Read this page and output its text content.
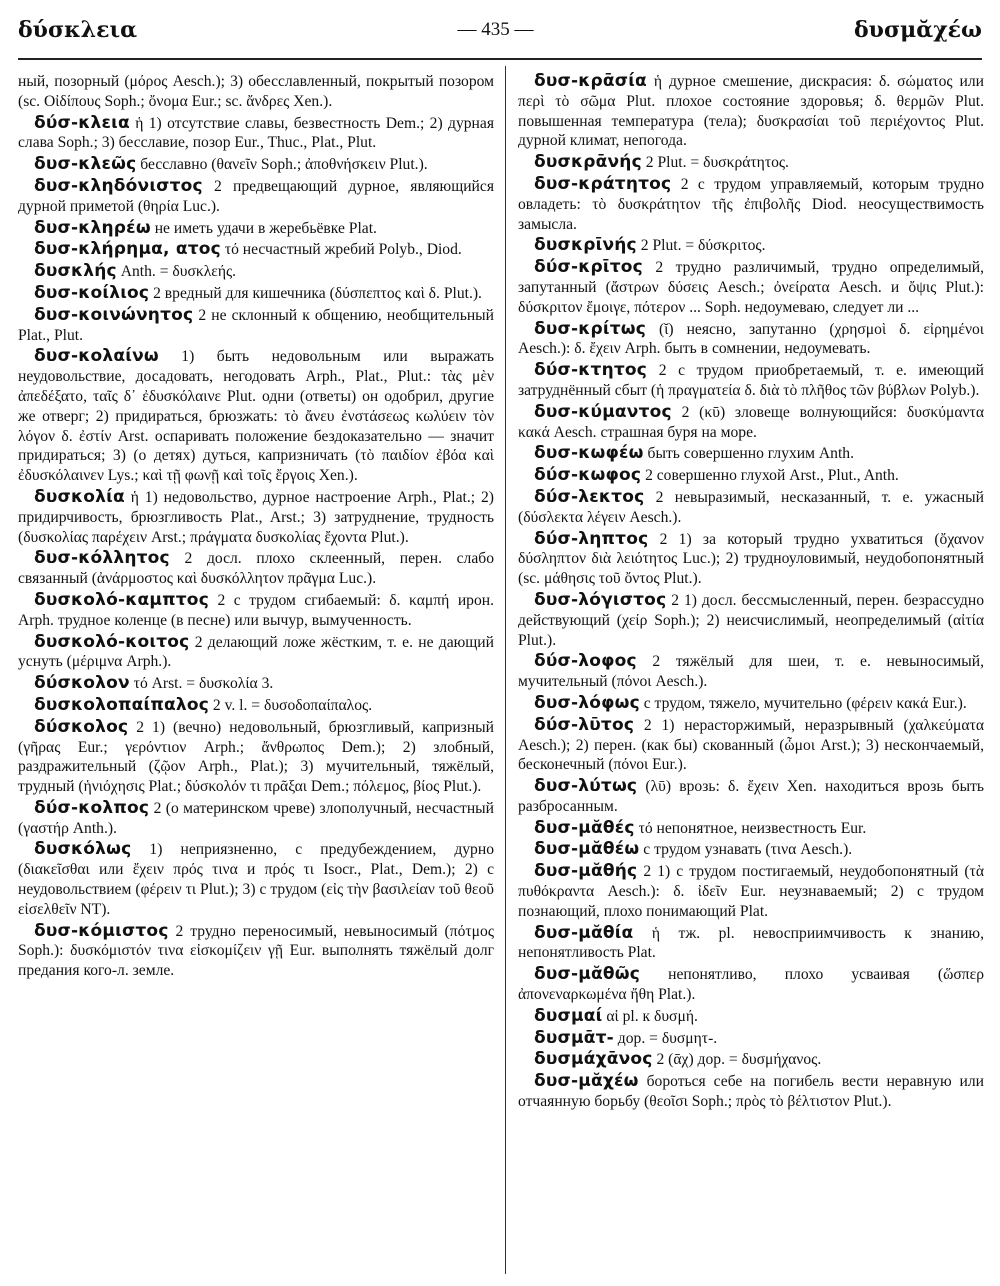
δύσκλεια	— 435 —	δυσμᾰχέω

ный, позорный (μόρος Aesch.); 3) обесславленный, покрытый позором (sc. Οἰδίπους Soph.; ὄνομα Eur.; sc. ἄνδρες Xen.).

δύσ-κλεια ἡ 1) отсутствие славы, безвестность Dem.; 2) дурная слава Soph.; 3) бесславие, позор Eur., Thuc., Plat., Plut.

δυσ-κλεῶς бесславно (θανεῖν Soph.; ἀποθνήσκειν Plut.).

δυσ-κληδόνιστος 2 предвещающий дурное, являющийся дурной приметой (θηρία Luc.).

δυσ-κληρέω не иметь удачи в жеребьёвке Plat.

δυσ-κλήρημα, ατος τό несчастный жребий Polyb., Diod.

δυσκλής Anth. = δυσκλεής.

δυσ-κοίλιος 2 вредный для кишечника (δύσπεπτος καὶ δ. Plut.).

δυσ-κοινώνητος 2 не склонный к общению, необщительный Plat., Plut.

δυσ-κολαίνω 1) быть недовольным или выражать неудовольствие, досадовать, негодовать Arph., Plat., Plut.: τὰς μὲν ἀπεδέξατο, ταῖς δ᾽ ἐδυσκόλαινε Plut. одни (ответы) он одобрил, другие же отверг; 2) придираться, брюзжать: τὸ ἄνευ ἐνστάσεως κωλύειν τὸν λόγον δ. ἐστίν Arst. оспаривать положение бездоказательно — значит придираться; 3) (о детях) дуться, капризничать (τὸ παιδίον ἐβόα καὶ ἐδυσκόλαινεν Lys.; καὶ τῇ φωνῇ καὶ τοῖς ἔργοις Xen.).

δυσκολία ἡ 1) недовольство, дурное настроение Arph., Plat.; 2) придирчивость, брюзгливость Plat., Arst.; 3) затруднение, трудность (δυσκολίας παρέχειν Arst.; πράγματα δυσκολίας ἔχοντα Plut.).

δυσ-κόλλητος 2 досл. плохо склеенный, перен. слабо связанный (ἀνάρμοστος καὶ δυσκόλλητον πρᾶγμα Luc.).

δυσκολό-καμπτος 2 с трудом сгибаемый: δ. καμπή ирон. Arph. трудное коленце (в песне) или вычур, вымученность.

δυσκολό-κοιτος 2 делающий ложе жёстким, т. е. не дающий уснуть (μέριμνα Arph.).

δύσκολον τό Arst. = δυσκολία 3.

δυσκολοπαίπαλος 2 v. l. = δυσοδοπαίπαλος.

δύσκολος 2 1) (вечно) недовольный, брюзгливый, капризный (γῆρας Eur.; γερόντιον Arph.; ἄνθρωπος Dem.); 2) злобный, раздражительный (ζῷον Arph., Plat.); 3) мучительный, тяжёлый, трудный (ἡνιόχησις Plat.; δύσκολόν τι πρᾶξαι Dem.; πόλεμος, βίος Plut.).

δύσ-κολπος 2 (о материнском чреве) злополучный, несчастный (γαστήρ Anth.).

δυσκόλως 1) неприязненно, с предубеждением, дурно (διακεῖσθαι или ἔχειν πρός τινα и πρός τι Isocr., Plat., Dem.); 2) с неудовольствием (φέρειν τι Plut.); 3) с трудом (εἰς τὴν βασιλείαν τοῦ θεοῦ εἰσελθεῖν NT).

δυσ-κόμιστος 2 трудно переносимый, невыносимый (πότμος Soph.): δυσκόμιστόν τινα εἰσκομίζειν γῇ Eur. выполнять тяжёлый долг предания кого-л. земле.

δυσ-κρᾱσία ἡ дурное смешение, дискрасия: δ. σώματος или περὶ τὸ σῶμα Plut. плохое состояние здоровья; δ. θερμῶν Plut. повышенная температура (тела); δυσκρασίαι τοῦ περιέχοντος Plut. дурной климат, непогода.

δυσκρᾱνής 2 Plut. = δυσκράτητος.

δυσ-κράτητος 2 с трудом управляемый, которым трудно овладеть: τὸ δυσκράτητον τῆς ἐπιβολῆς Diod. неосуществимость замысла.

δυσκρῑνής 2 Plut. = δύσκριτος.

δύσ-κρῑτος 2 трудно различимый, трудно определимый, запутанный (ἄστρων δύσεις Aesch.; ὀνείρατα Aesch. и ὄψις Plut.): δύσκριτον ἔμοιγε, πότερον ... Soph. недоумеваю, следует ли ...

δυσ-κρίτως (ῐ) неясно, запутанно (χρησμοὶ δ. εἰρημένοι Aesch.): δ. ἔχειν Arph. быть в сомнении, недоумевать.

δύσ-κτητος 2 с трудом приобретаемый, т. е. имеющий затруднённый сбыт (ἡ πραγματεία δ. διὰ τὸ πλῆθος τῶν βύβλων Polyb.).

δυσ-κύμαντος 2 (κῡ) зловеще волнующийся: δυσκύμαντα κακά Aesch. страшная буря на море.

δυσ-κωφέω быть совершенно глухим Anth.

δύσ-κωφος 2 совершенно глухой Arst., Plut., Anth.

δύσ-λεκτος 2 невыразимый, несказанный, т. е. ужасный (δύσλεκτα λέγειν Aesch.).

δύσ-ληπτος 2 1) за который трудно ухватиться (ὄχανον δύσληπτον διὰ λειότητος Luc.); 2) трудноуловимый, неудобопонятный (sc. μάθησις τοῦ ὄντος Plut.).

δυσ-λόγιστος 2 1) досл. бессмысленный, перен. безрассудно действующий (χείρ Soph.); 2) неисчислимый, неопределимый (αἰτία Plut.).

δύσ-λοφος 2 тяжёлый для шеи, т. е. невыносимый, мучительный (πόνοι Aesch.).

δυσ-λόφως с трудом, тяжело, мучительно (φέρειν κακά Eur.).

δύσ-λῡτος 2 1) нерасторжимый, неразрывный (χαλκεύματα Aesch.); 2) перен. (как бы) скованный (ὦμοι Arst.); 3) нескончаемый, бесконечный (πόνοι Eur.).

δυσ-λύτως (λῡ) врозь: δ. ἔχειν Xen. находиться врозь быть разбросанным.

δυσ-μᾰθές τό непонятное, неизвестность Eur.

δυσ-μᾰθέω с трудом узнавать (τινα Aesch.).

δυσ-μᾰθής 2 1) с трудом постигаемый, неудобопонятный (τὰ πυθόκραντα Aesch.): δ. ἰδεῖν Eur. неузнаваемый; 2) с трудом познающий, плохо понимающий Plat.

δυσ-μᾰθία ἡ тж. pl. невосприимчивость к знанию, непонятливость Plat.

δυσ-μᾰθῶς непонятливо, плохо усваивая (ὥσπερ ἀπονεναρκωμένα ἤθη Plat.).

δυσμαί αἱ pl. к δυσμή.

δυσμᾱτ- дор. = δυσμητ-.

δυσμάχᾱνος 2 (ᾱχ) дор. = δυσμήχανος.

δυσ-μᾰχέω бороться себе на погибель вести неравную или отчаянную борьбу (θεοῖσι Soph.; πρὸς τὸ βέλτιστον Plut.).
